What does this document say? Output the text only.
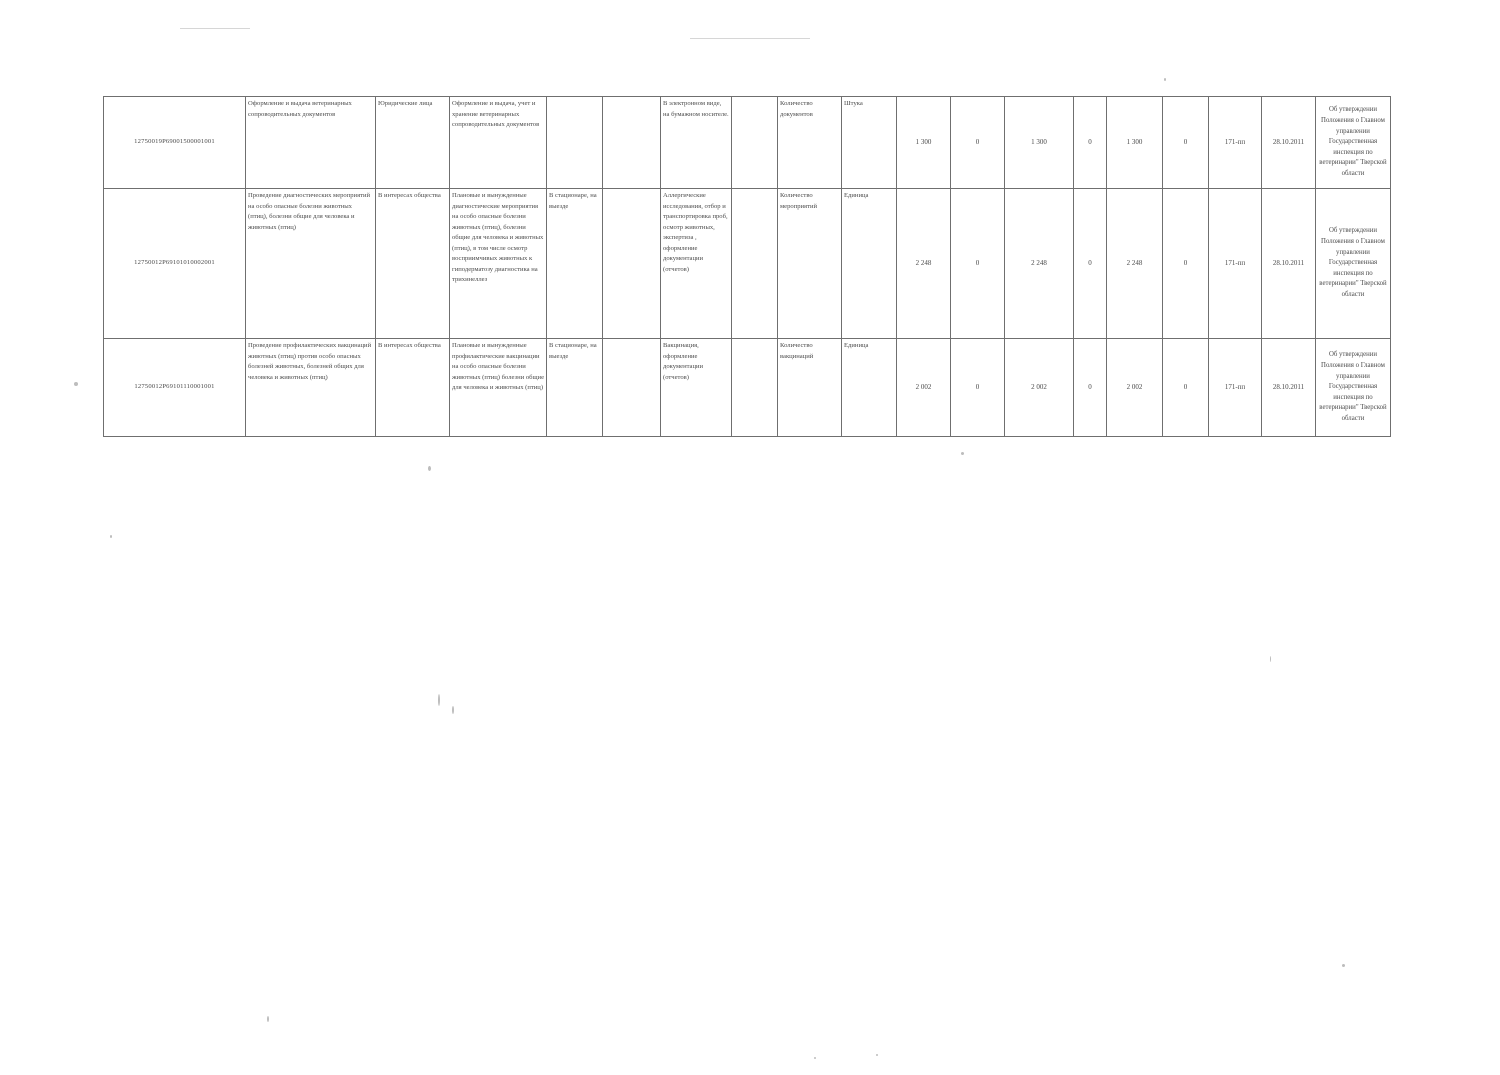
12750019Р69001500001001	Оформление и выдача ветеринарных сопроводительных документов	Юридические лица	Оформление и выдача, учет и хранение ветеринарных сопроводительных документов			В электронном виде, на бумажном носителе.		Количество документов	Штука	1 300	0	1 300	0	1 300	0	171-пп	28.10.2011	Об утверждении Положения о Главном управлении Государственная инспекция по ветеринарии" Тверской области
12750012Р69101010002001	Проведение диагностических мероприятий на особо опасные болезни животных (птиц), болезни общие для человека и животных (птиц)	В интересах общества	Плановые и вынужденные диагностические мероприятия на особо опасные болезни животных (птиц), болезни общие для человека и животных (птиц), в том числе осмотр восприимчивых животных к гиподерматозу диагностика на трихинеллез	В стационаре, на выезде		Аллергические исследования, отбор и транспортировка проб, осмотр животных, экспертиза , оформление документации (отчетов)		Количество мероприятий	Единица	2 248	0	2 248	0	2 248	0	171-пп	28.10.2011	Об утверждении Положения о Главном управлении Государственная инспекция по ветеринарии" Тверской области
12750012Р69101110001001	Проведение профилактических вакцинаций животных (птиц) против особо опасных болезней животных, болезней общих для человека и животных (птиц)	В интересах общества	Плановые и вынужденные профилактические вакцинации на особо опасные болезни животных (птиц) болезни общие для человека и животных (птиц)	В стационаре, на выезде		Вакцинация, оформление документации (отчетов)		Количество вакцинаций	Единица	2 002	0	2 002	0	2 002	0	171-пп	28.10.2011	Об утверждении Положения о Главном управлении Государственная инспекция по ветеринарии" Тверской области
